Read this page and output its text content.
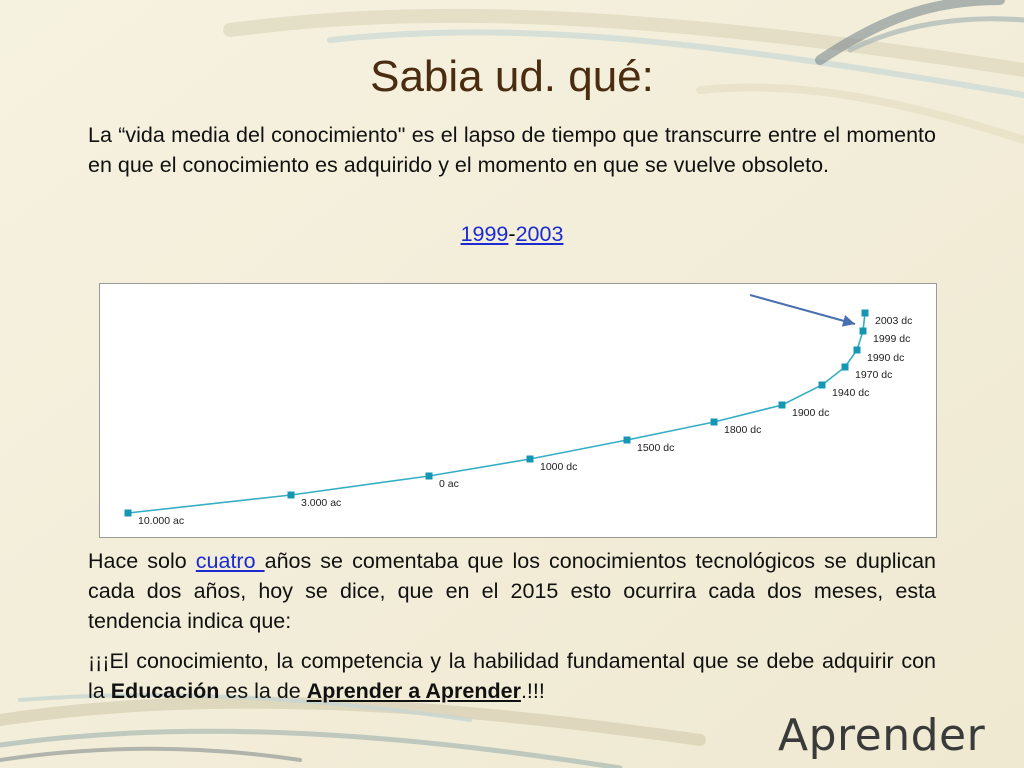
Sabia ud. qué:

La “vida media del conocimiento" es el lapso de tiempo que transcurre entre el momento en que el conocimiento es adquirido y el momento en que se vuelve obsoleto.

1999-2003
10.000 ac
3.000 ac
0 ac
1000 dc
1500 dc
1800 dc
1900 dc
1940 dc
1970 dc
1990 dc
1999 dc
2003 dc

Hace solo cuatro años se comentaba que los conocimientos tecnológicos se duplican cada dos años, hoy se dice, que en el 2015 esto ocurrira cada dos meses, esta tendencia indica que:

¡¡¡El conocimiento, la competencia y la habilidad fundamental que se debe adquirir con la Educación es la de Aprender a Aprender.!!!

Aprender
